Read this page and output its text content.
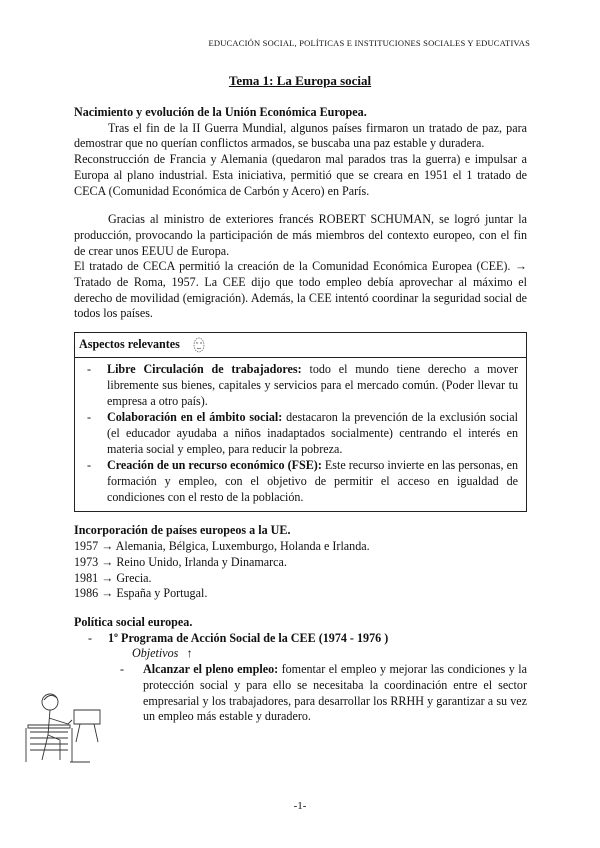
EDUCACIÓN SOCIAL, POLÍTICAS E INSTITUCIONES SOCIALES Y EDUCATIVAS
Tema 1: La Europa social

Nacimiento y evolución de la Unión Económica Europea.

Tras el fin de la II Guerra Mundial, algunos países firmaron un tratado de paz, para demostrar que no querían conflictos armados, se buscaba una paz estable y duradera.

Reconstrucción de Francia y Alemania (quedaron mal parados tras la guerra) e impulsar a Europa al plano industrial. Esta iniciativa, permitió que se creara en 1951 el 1 tratado de CECA (Comunidad Económica de Carbón y Acero) en París.

Gracias al ministro de exteriores francés ROBERT SCHUMAN, se logró juntar la producción, provocando la participación de más miembros del contexto europeo, con el fin de crear unos EEUU de Europa.

El tratado de CECA permitió la creación de la Comunidad Económica Europea (CEE). → Tratado de Roma, 1957. La CEE dijo que todo empleo debía aprovechar al máximo el derecho de movilidad (emigración). Además, la CEE intentó coordinar la seguridad social de todos los países.

Aspectos relevantes
-	Libre Circulación de trabajadores: todo el mundo tiene derecho a mover libremente sus bienes, capitales y servicios para el mercado común. (Poder llevar tu empresa a otro país).

-	Colaboración en el ámbito social: destacaron la prevención de la exclusión social (el educador ayudaba a niños inadaptados socialmente) centrando el interés en materia social y empleo, para reducir la pobreza.

-	Creación de un recurso económico (FSE): Este recurso invierte en las personas, en formación y empleo, con el objetivo de permitir el acceso en igualdad de condiciones con el resto de la población.

Incorporación de países europeos a la UE.

1957 → Alemania, Bélgica, Luxemburgo, Holanda e Irlanda.

1973 → Reino Unido, Irlanda y Dinamarca.

1981 → Grecia.

1986 → España y Portugal.

Política social europea.

-	1º Programa de Acción Social de la CEE (1974 - 1976 )
Objetivos ↑
-	Alcanzar el pleno empleo: fomentar el empleo y mejorar las condiciones y la protección social y para ello se necesitaba la coordinación entre el sector empresarial y los trabajadores, para desarrollar los RRHH y garantizar a su vez un empleo más estable y duradero.

-1-
